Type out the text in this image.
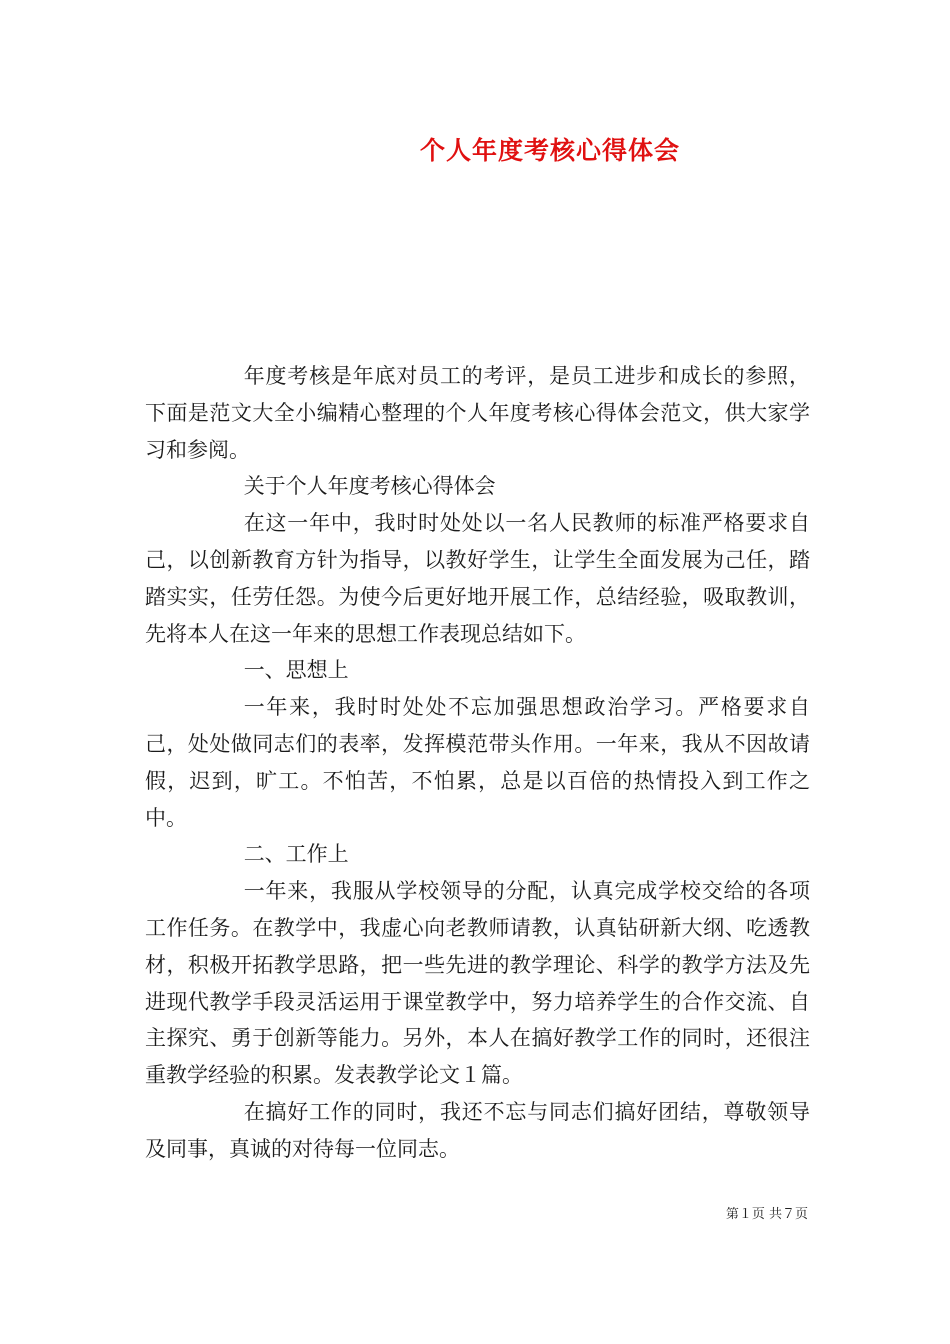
个人年度考核心得体会

年度考核是年底对员工的考评，是员工进步和成长的参照，下面是范文大全小编精心整理的个人年度考核心得体会范文，供大家学习和参阅。

关于个人年度考核心得体会

在这一年中，我时时处处以一名人民教师的标准严格要求自己，以创新教育方针为指导，以教好学生，让学生全面发展为己任，踏踏实实，任劳任怨。为使今后更好地开展工作，总结经验，吸取教训，先将本人在这一年来的思想工作表现总结如下。

一、思想上

一年来，我时时处处不忘加强思想政治学习。严格要求自己，处处做同志们的表率，发挥模范带头作用。一年来，我从不因故请假，迟到，旷工。不怕苦，不怕累，总是以百倍的热情投入到工作之中。

二、工作上

一年来，我服从学校领导的分配，认真完成学校交给的各项工作任务。在教学中，我虚心向老教师请教，认真钻研新大纲、吃透教材，积极开拓教学思路，把一些先进的教学理论、科学的教学方法及先进现代教学手段灵活运用于课堂教学中，努力培养学生的合作交流、自主探究、勇于创新等能力。另外，本人在搞好教学工作的同时，还很注重教学经验的积累。发表教学论文１篇。

在搞好工作的同时，我还不忘与同志们搞好团结，尊敬领导及同事，真诚的对待每一位同志。

第１页 共７页
